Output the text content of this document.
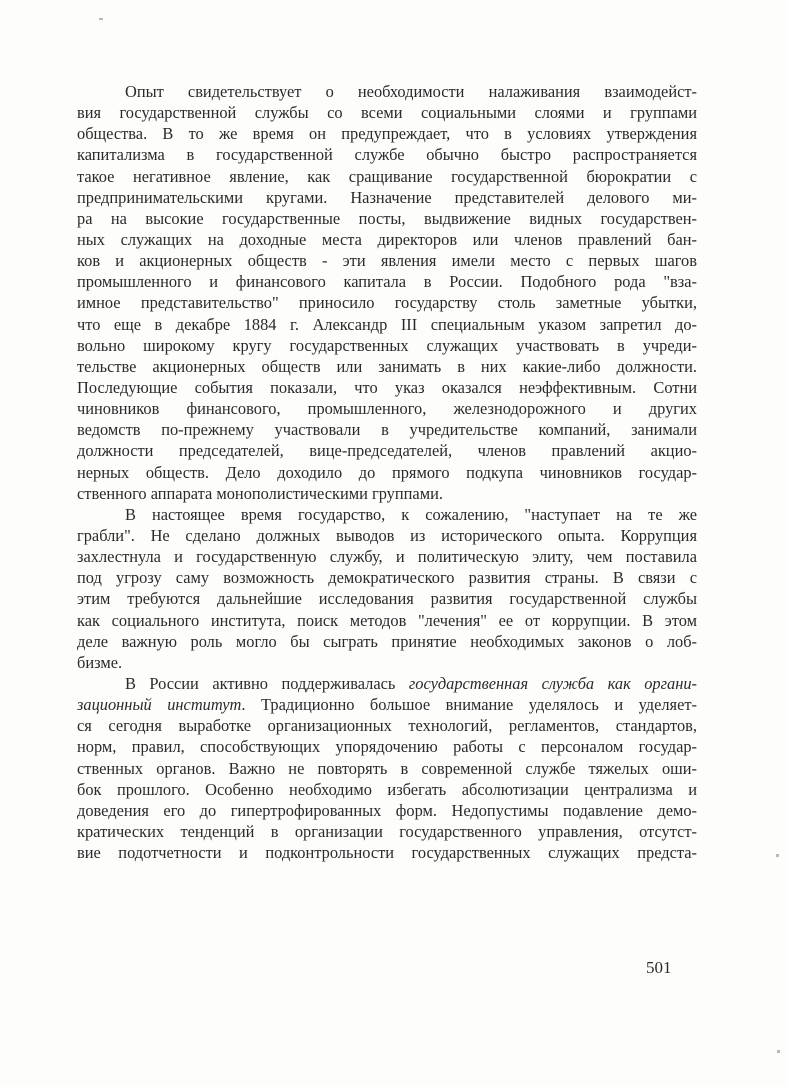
Опыт свидетельствует о необходимости налаживания взаимодейст-
вия государственной службы со всеми социальными слоями и группами
общества. В то же время он предупреждает, что в условиях утверждения
капитализма в государственной службе обычно быстро распространяется
такое негативное явление, как сращивание государственной бюрократии с
предпринимательскими кругами. Назначение представителей делового ми-
ра на высокие государственные посты, выдвижение видных государствен-
ных служащих на доходные места директоров или членов правлений бан-
ков и акционерных обществ - эти явления имели место с первых шагов
промышленного и финансового капитала в России. Подобного рода "вза-
имное представительство" приносило государству столь заметные убытки,
что еще в декабре 1884 г. Александр III специальным указом запретил до-
вольно широкому кругу государственных служащих участвовать в учреди-
тельстве акционерных обществ или занимать в них какие-либо должности.
Последующие события показали, что указ оказался неэффективным. Сотни
чиновников финансового, промышленного, железнодорожного и других
ведомств по-прежнему участвовали в учредительстве компаний, занимали
должности председателей, вице-председателей, членов правлений акцио-
нерных обществ. Дело доходило до прямого подкупа чиновников государ-
ственного аппарата монополистическими группами.
В настоящее время государство, к сожалению, "наступает на те же
грабли". Не сделано должных выводов из исторического опыта. Коррупция
захлестнула и государственную службу, и политическую элиту, чем поставила
под угрозу саму возможность демократического развития страны. В связи с
этим требуются дальнейшие исследования развития государственной службы
как социального института, поиск методов "лечения" ее от коррупции. В этом
деле важную роль могло бы сыграть принятие необходимых законов о лоб-
бизме.
В России активно поддерживалась государственная служба как органи-
зационный институт. Традиционно большое внимание уделялось и уделяет-
ся сегодня выработке организационных технологий, регламентов, стандартов,
норм, правил, способствующих упорядочению работы с персоналом государ-
ственных органов. Важно не повторять в современной службе тяжелых оши-
бок прошлого. Особенно необходимо избегать абсолютизации централизма и
доведения его до гипертрофированных форм. Недопустимы подавление демо-
кратических тенденций в организации государственного управления, отсутст-
вие подотчетности и подконтрольности государственных служащих предста-
501
